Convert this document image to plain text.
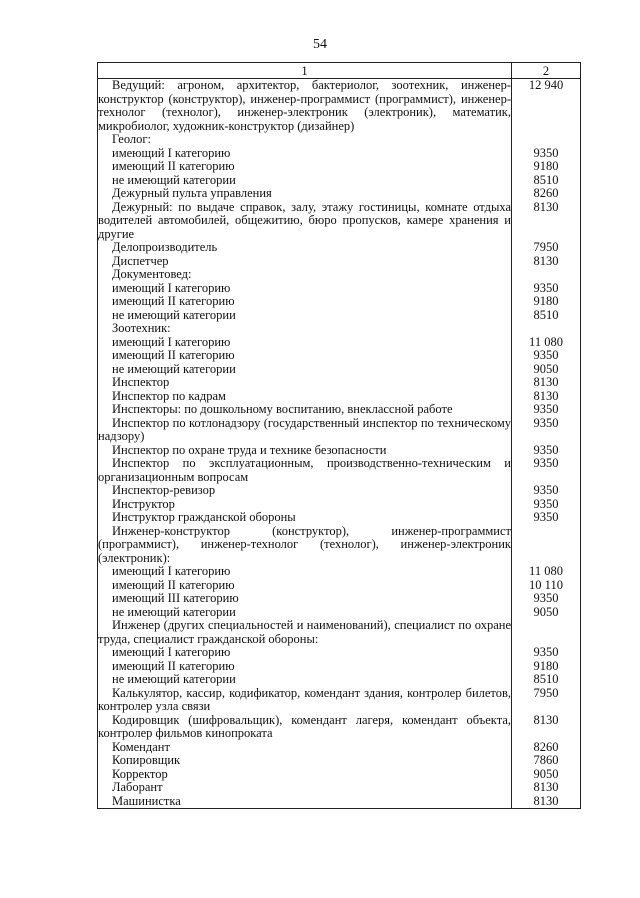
54
1	2
Ведущий: агроном, архитектор, бактериолог, зоотехник, инженер-конструктор (конструктор), инженер-программист (программист), инженер-технолог (технолог), инженер-электроник (электроник), математик, микробиолог, художник-конструктор (дизайнер)	12 940
Геолог:	
имеющий I категорию	9350
имеющий II категорию	9180
не имеющий категории	8510
Дежурный пульта управления	8260
Дежурный: по выдаче справок, залу, этажу гостиницы, комнате отдыха водителей автомобилей, общежитию, бюро пропусков, камере хранения и другие	8130
Делопроизводитель	7950
Диспетчер	8130
Документовед:	
имеющий I категорию	9350
имеющий II категорию	9180
не имеющий категории	8510
Зоотехник:	
имеющий I категорию	11 080
имеющий II категорию	9350
не имеющий категории	9050
Инспектор	8130
Инспектор по кадрам	8130
Инспекторы: по дошкольному воспитанию, внеклассной работе	9350
Инспектор по котлонадзору (государственный инспектор по техническому надзору)	9350
Инспектор по охране труда и технике безопасности	9350
Инспектор по эксплуатационным, производственно-техническим и организационным вопросам	9350
Инспектор-ревизор	9350
Инструктор	9350
Инструктор гражданской обороны	9350
Инженер-конструктор (конструктор), инженер-программист (программист), инженер-технолог (технолог), инженер-электроник (электроник):	
имеющий I категорию	11 080
имеющий II категорию	10 110
имеющий III категорию	9350
не имеющий категории	9050
Инженер (других специальностей и наименований), специалист по охране труда, специалист гражданской обороны:	
имеющий I категорию	9350
имеющий II категорию	9180
не имеющий категории	8510
Калькулятор, кассир, кодификатор, комендант здания, контролер билетов, контролер узла связи	7950
Кодировщик (шифровальщик), комендант лагеря, комендант объекта, контролер фильмов кинопроката	8130
Комендант	8260
Копировщик	7860
Корректор	9050
Лаборант	8130
Машинистка	8130
